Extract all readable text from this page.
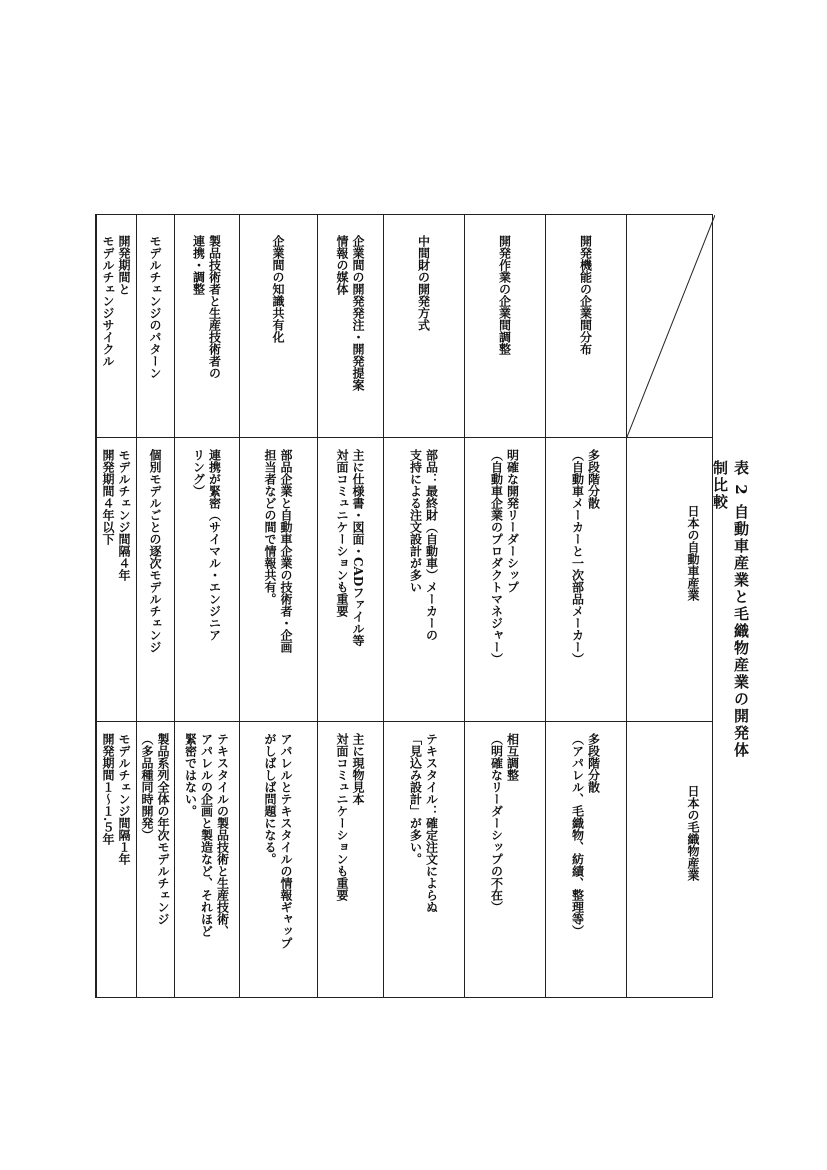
表 2 自動車産業と毛織物産業の開発体制比較
日本の自動車産業
日本の毛織物産業
開発機能の企業間分布
多段階分散
（自動車メーカーと一次部品メーカー）
多段階分散
（アパレル、毛織物、紡績、整理等）
開発作業の企業間調整
明確な開発リーダーシップ
（自動車企業のプロダクトマネジャー）
相互調整
（明確なリーダーシップの不在）
中間財の開発方式
部品：最終財（自動車）メーカーの
支持による注文設計が多い
テキスタイル：確定注文によらぬ
「見込み設計」が多い。
企業間の開発発注・開発提案
情報の媒体
主に仕様書・図面・CADファイル等
対面コミュニケーションも重要
主に現物見本
対面コミュニケーションも重要
企業間の知識共有化
部品企業と自動車企業の技術者・企画
担当者などの間で情報共有。
アパレルとテキスタイルの情報ギャップ
がしばしば問題になる。
製品技術者と生産技術者の
連携・調整
連携が緊密（サイマル・エンジニア
リング）
テキスタイルの製品技術と生産技術、
アパレルの企画と製造など、それほど
緊密ではない。
モデルチェンジのパターン
個別モデルごとの逐次モデルチェンジ
製品系列全体の年次モデルチェンジ
（多品種同時開発）
開発期間と
モデルチェンジサイクル
モデルチェンジ間隔４年
開発期間４年以下
モデルチェンジ間隔１年
開発期間１～１.５年
